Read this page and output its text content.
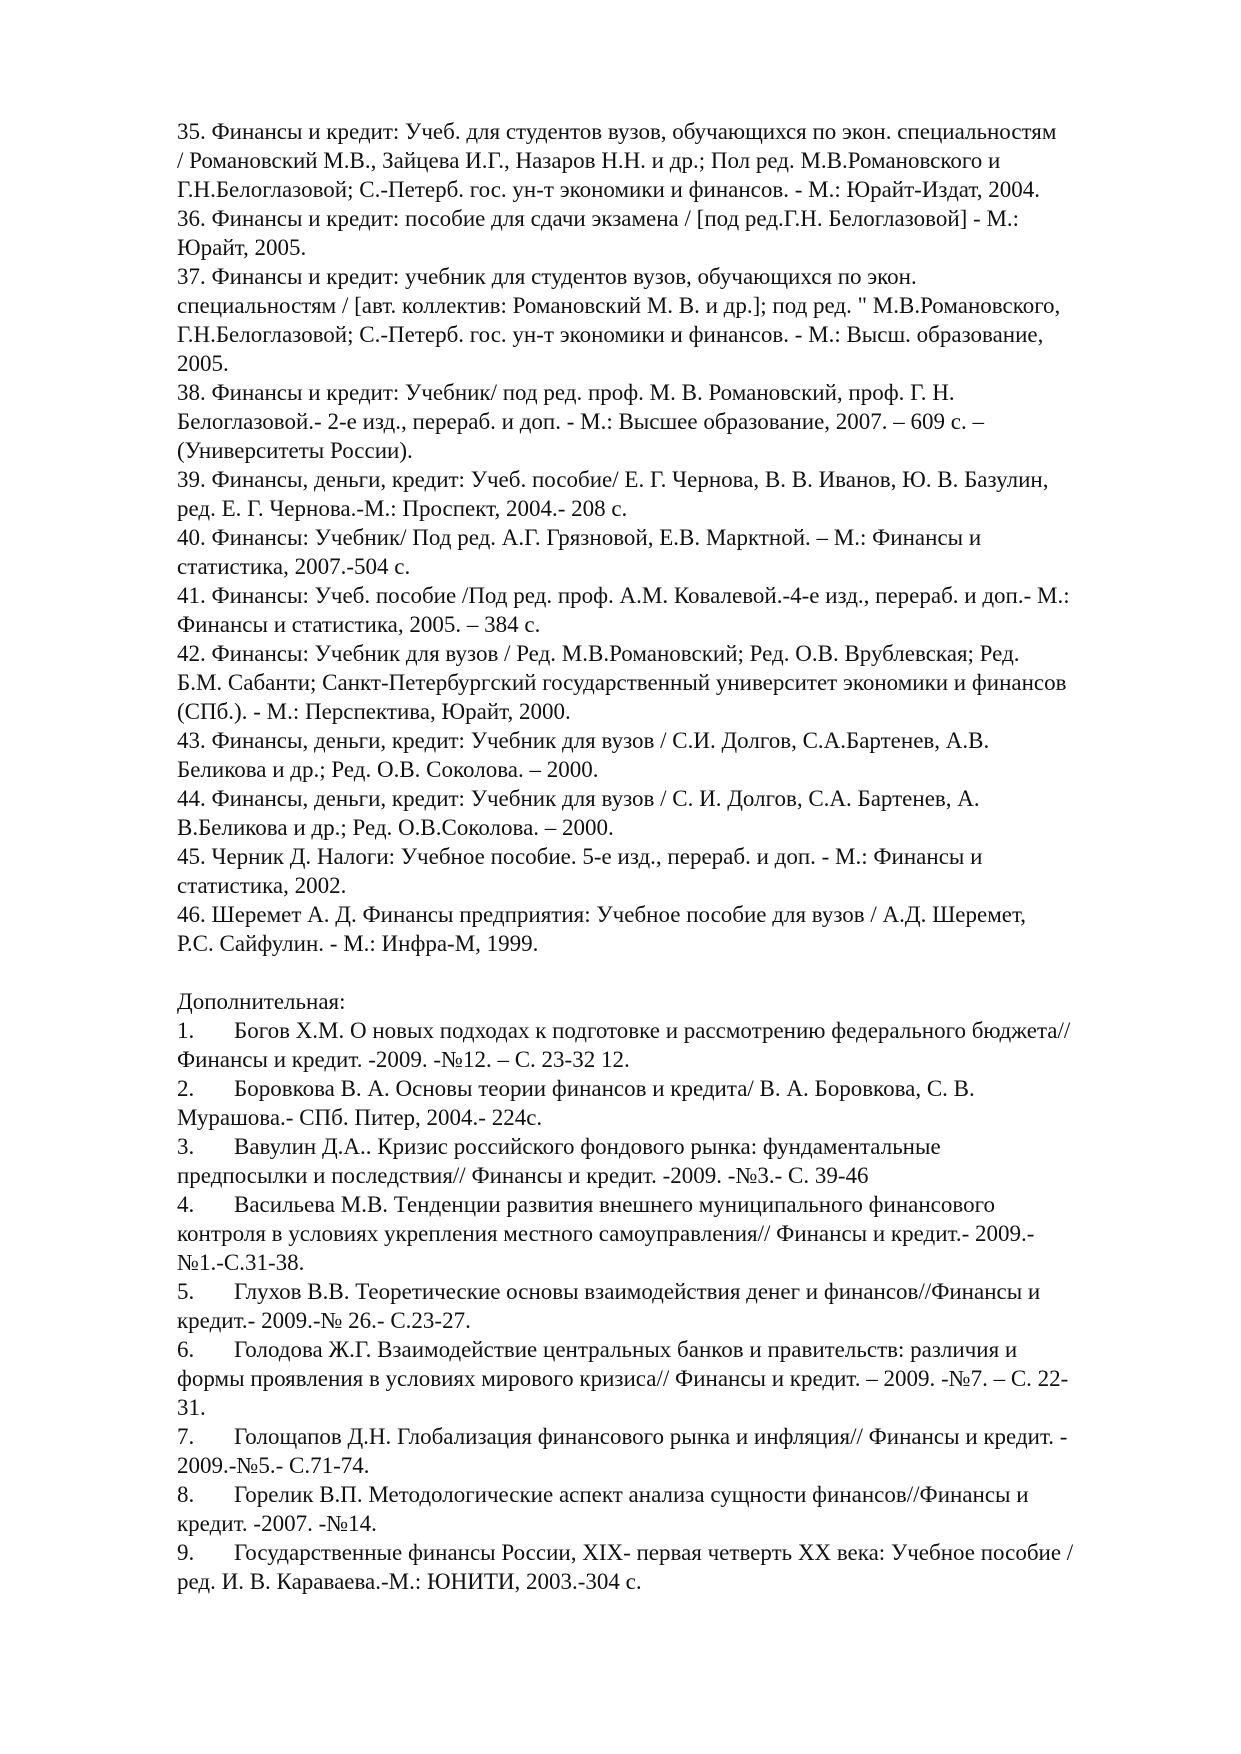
35. Финансы и кредит: Учеб. для студентов вузов, обучающихся по экон. специальностям
/ Романовский М.В., Зайцева И.Г., Назаров Н.Н. и др.; Пол ред. М.В.Романовского и
Г.Н.Белоглазовой; С.-Петерб. гос. ун-т экономики и финансов. - М.: Юрайт-Издат, 2004.
36. Финансы и кредит: пособие для сдачи экзамена / [под ред.Г.Н. Белоглазовой] - М.:
Юрайт, 2005.
37. Финансы и кредит: учебник для студентов вузов, обучающихся по экон.
специальностям / [авт. коллектив: Романовский М. В. и др.]; под ред. " М.В.Романовского,
Г.Н.Белоглазовой; С.-Петерб. гос. ун-т экономики и финансов. - М.: Высш. образование,
2005.
38. Финансы и кредит: Учебник/ под ред. проф. М. В. Романовский, проф. Г. Н.
Белоглазовой.- 2-е изд., перераб. и доп. - М.: Высшее образование, 2007. – 609 с. –
(Университеты России).
39. Финансы, деньги, кредит: Учеб. пособие/ Е. Г. Чернова, В. В. Иванов, Ю. В. Базулин,
ред. Е. Г. Чернова.-М.: Проспект, 2004.- 208 с.
40. Финансы: Учебник/ Под ред. А.Г. Грязновой, Е.В. Марктной. – М.: Финансы и
статистика, 2007.-504 с.
41. Финансы: Учеб. пособие /Под ред. проф. А.М. Ковалевой.-4-е изд., перераб. и доп.- М.:
Финансы и статистика, 2005. – 384 с.
42. Финансы: Учебник для вузов / Ред. М.В.Романовский; Ред. О.В. Врублевская; Ред.
Б.М. Сабанти; Санкт-Петербургский государственный университет экономики и финансов
(СПб.). - М.: Перспектива, Юрайт, 2000.
43. Финансы, деньги, кредит: Учебник для вузов / С.И. Долгов, С.А.Бартенев, А.В.
Беликова и др.; Ред. О.В. Соколова. – 2000.
44. Финансы, деньги, кредит: Учебник для вузов / С. И. Долгов, С.А. Бартенев, А.
В.Беликова и др.; Ред. О.В.Соколова. – 2000.
45. Черник Д. Налоги: Учебное пособие. 5-е изд., перераб. и доп. - М.: Финансы и
статистика, 2002.
46. Шеремет А. Д. Финансы предприятия: Учебное пособие для вузов / А.Д. Шеремет,
Р.С. Сайфулин. - М.: Инфра-М, 1999.
Дополнительная:
1. Богов Х.М. О новых подходах к подготовке и рассмотрению федерального бюджета//
Финансы и кредит. -2009. -№12. – С. 23-32 12.
2. Боровкова В. А. Основы теории финансов и кредита/ В. А. Боровкова, С. В.
Мурашова.- СПб. Питер, 2004.- 224с.
3. Вавулин Д.А.. Кризис российского фондового рынка: фундаментальные
предпосылки и последствия// Финансы и кредит. -2009. -№3.- С. 39-46
4. Васильева М.В. Тенденции развития внешнего муниципального финансового
контроля в условиях укрепления местного самоуправления// Финансы и кредит.- 2009.-
№1.-С.31-38.
5. Глухов В.В. Теоретические основы взаимодействия денег и финансов//Финансы и
кредит.- 2009.-№ 26.- С.23-27.
6. Голодова Ж.Г. Взаимодействие центральных банков и правительств: различия и
формы проявления в условиях мирового кризиса// Финансы и кредит. – 2009. -№7. – С. 22-
31.
7. Голощапов Д.Н. Глобализация финансового рынка и инфляция// Финансы и кредит. -
2009.-№5.- С.71-74.
8. Горелик В.П. Методологические аспект анализа сущности финансов//Финансы и
кредит. -2007. -№14.
9. Государственные финансы России, XIX- первая четверть XX века: Учебное пособие /
ред. И. В. Караваева.-М.: ЮНИТИ, 2003.-304 с.
